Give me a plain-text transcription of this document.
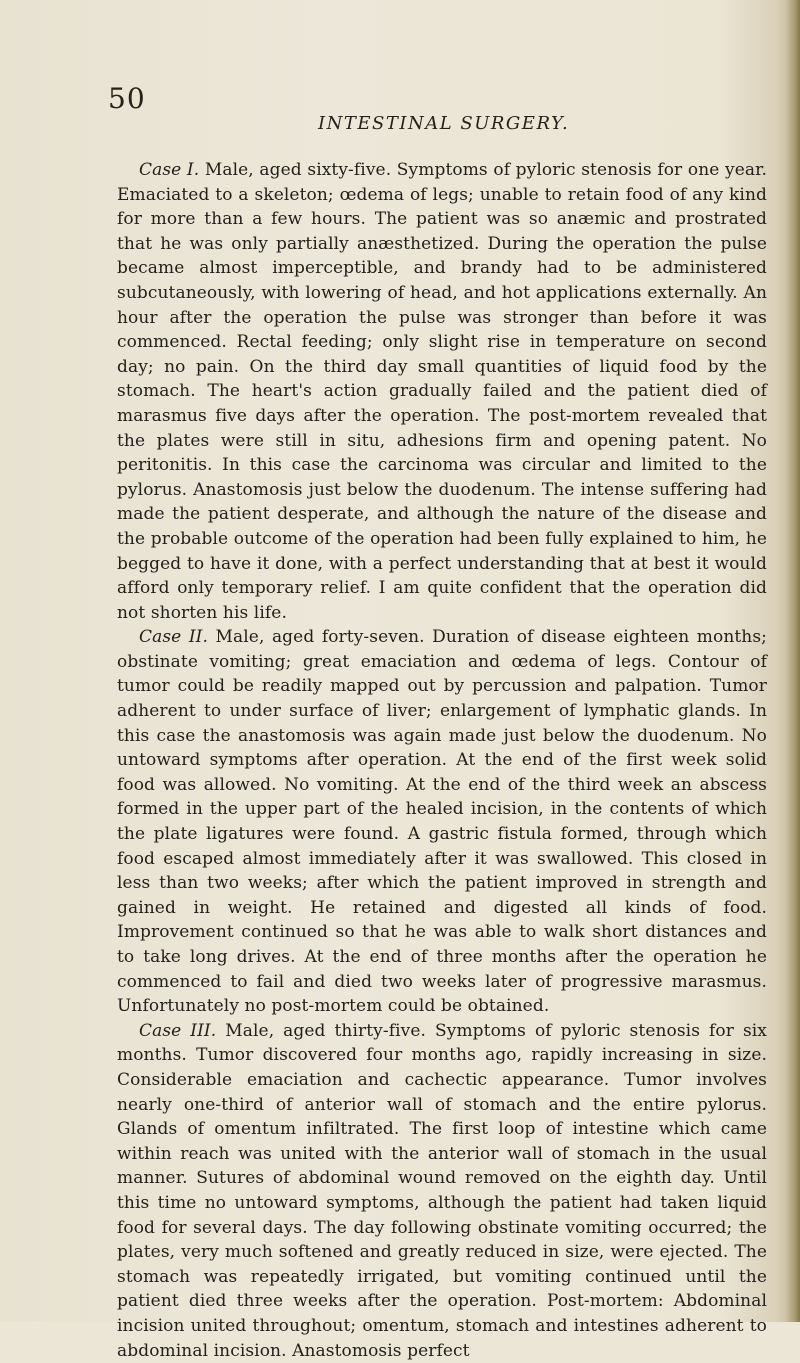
50
INTESTINAL SURGERY.

Case I. Male, aged sixty-five. Symptoms of pyloric stenosis for one year. Emaciated to a skeleton; œdema of legs; unable to retain food of any kind for more than a few hours. The patient was so anæmic and prostrated that he was only partially anæsthetized. During the operation the pulse became almost imperceptible, and brandy had to be administered subcutaneously, with lowering of head, and hot applications externally. An hour after the operation the pulse was stronger than before it was commenced. Rectal feeding; only slight rise in temperature on second day; no pain. On the third day small quantities of liquid food by the stomach. The heart's action gradually failed and the patient died of marasmus five days after the operation. The post-mortem revealed that the plates were still in situ, adhesions firm and opening patent. No peritonitis. In this case the carcinoma was circular and limited to the pylorus. Anastomosis just below the duodenum. The intense suffering had made the patient desperate, and although the nature of the disease and the probable outcome of the operation had been fully explained to him, he begged to have it done, with a perfect understanding that at best it would afford only temporary relief. I am quite confident that the operation did not shorten his life.

Case II. Male, aged forty-seven. Duration of disease eighteen months; obstinate vomiting; great emaciation and œdema of legs. Contour of tumor could be readily mapped out by percussion and palpation. Tumor adherent to under surface of liver; enlargement of lymphatic glands. In this case the anastomosis was again made just below the duodenum. No untoward symptoms after operation. At the end of the first week solid food was allowed. No vomiting. At the end of the third week an abscess formed in the upper part of the healed incision, in the contents of which the plate ligatures were found. A gastric fistula formed, through which food escaped almost immediately after it was swallowed. This closed in less than two weeks; after which the patient improved in strength and gained in weight. He retained and digested all kinds of food. Improvement continued so that he was able to walk short distances and to take long drives. At the end of three months after the operation he commenced to fail and died two weeks later of progressive marasmus. Unfortunately no post-mortem could be obtained.

Case III. Male, aged thirty-five. Symptoms of pyloric stenosis for six months. Tumor discovered four months ago, rapidly increasing in size. Considerable emaciation and cachectic appearance. Tumor involves nearly one-third of anterior wall of stomach and the entire pylorus. Glands of omentum infiltrated. The first loop of intestine which came within reach was united with the anterior wall of stomach in the usual manner. Sutures of abdominal wound removed on the eighth day. Until this time no untoward symptoms, although the patient had taken liquid food for several days. The day following obstinate vomiting occurred; the plates, very much softened and greatly reduced in size, were ejected. The stomach was repeatedly irrigated, but vomiting continued until the patient died three weeks after the operation. Post-mortem: Abdominal incision united throughout; omentum, stomach and intestines adherent to abdominal incision. Anastomosis perfect
